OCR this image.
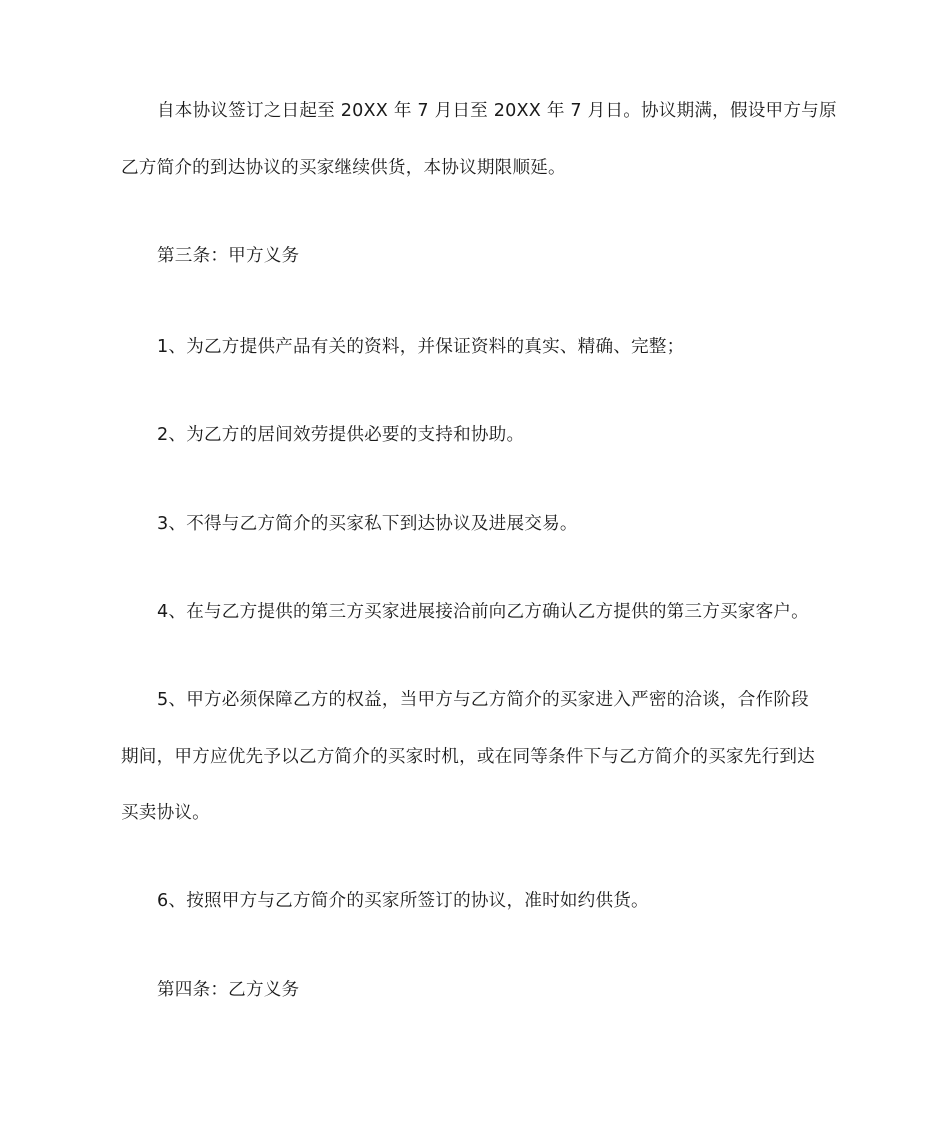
自本协议签订之日起至 20XX 年 7 月日至 20XX 年 7 月日。协议期满，假设甲方与原

乙方简介的到达协议的买家继续供货，本协议期限顺延。

第三条：甲方义务

1、为乙方提供产品有关的资料，并保证资料的真实、精确、完整；

2、为乙方的居间效劳提供必要的支持和协助。

3、不得与乙方简介的买家私下到达协议及进展交易。

4、在与乙方提供的第三方买家进展接洽前向乙方确认乙方提供的第三方买家客户。

5、甲方必须保障乙方的权益，当甲方与乙方简介的买家进入严密的洽谈，合作阶段

期间，甲方应优先予以乙方简介的买家时机，或在同等条件下与乙方简介的买家先行到达

买卖协议。

6、按照甲方与乙方简介的买家所签订的协议，准时如约供货。

第四条：乙方义务
